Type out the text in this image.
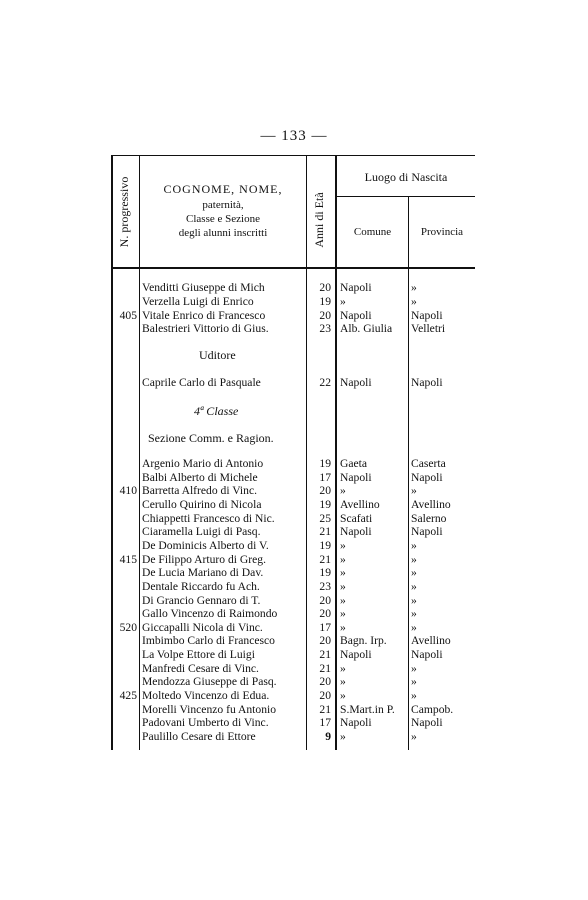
— 133 —
N. progressivo	COGNOME, NOME,
paternità,
Classe e Sezione
degli alunni inscritti	Anni di Età
Luogo di Nascita
Comune	Provincia
Venditti Giuseppe di Mich	20 Napoli	»
Verzella Luigi di Enrico	19 »	»
405 Vitale Enrico di Francesco	20 Napoli	Napoli
Balestrieri Vittorio di Gius.	23 Alb. Giulia	Velletri
Uditore
Caprile Carlo di Pasquale	22 Napoli	Napoli
4ª Classe
Sezione Comm. e Ragion.
Argenio Mario di Antonio	19 Gaeta	Caserta
Balbi Alberto di Michele	17 Napoli	Napoli
410 Barretta Alfredo di Vinc.	20 »	»
Cerullo Quirino di Nicola	19 Avellino	Avellino
Chiappetti Francesco di Nic.	25 Scafati	Salerno
Ciaramella Luigi di Pasq.	21 Napoli	Napoli
De Dominicis Alberto di V.	19 »	»
415 De Filippo Arturo di Greg.	21 »	»
De Lucia Mariano di Dav.	19 »	»
Dentale Riccardo fu Ach.	23 »	»
Di Grancio Gennaro di T.	20 »	»
Gallo Vincenzo di Raimondo	20 »	»
520 Giccapalli Nicola di Vinc.	17 »	»
Imbimbo Carlo di Francesco	20 Bagn. Irp.	Avellino
La Volpe Ettore di Luigi	21 Napoli	Napoli
Manfredi Cesare di Vinc.	21 »	»
Mendozza Giuseppe di Pasq.	20 »	»
425 Moltedo Vincenzo di Edua.	20 »	»
Morelli Vincenzo fu Antonio	21 S.Mart.in P.	Campob.
Padovani Umberto di Vinc.	17 Napoli	Napoli
Paulillo Cesare di Ettore	9 »	»
